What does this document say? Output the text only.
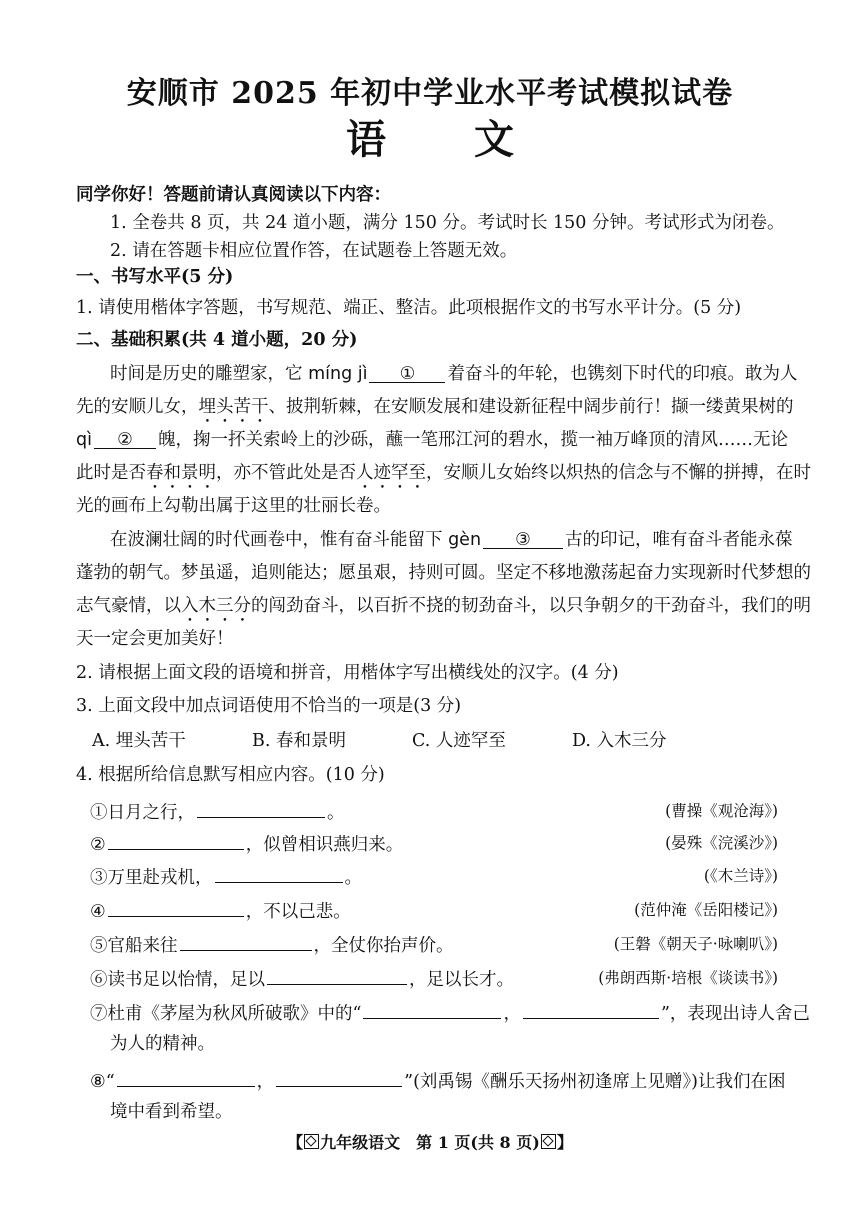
安顺市 2025 年初中学业水平考试模拟试卷
语 文
同学你好！答题前请认真阅读以下内容：
1. 全卷共 8 页，共 24 道小题，满分 150 分。考试时长 150 分钟。考试形式为闭卷。
2. 请在答题卡相应位置作答，在试题卷上答题无效。
一、书写水平(5 分)
1. 请使用楷体字答题，书写规范、端正、整洁。此项根据作文的书写水平计分。(5 分)
二、基础积累(共 4 道小题，20 分)
时间是历史的雕塑家，它 míng jì ① 着奋斗的年轮，也镌刻下时代的印痕。敢为人
先的安顺儿女，埋头苦干、披荆斩棘，在安顺发展和建设新征程中阔步前行！撷一缕黄果树的
qì ② 魄，掬一抔关索岭上的沙砾，蘸一笔邢江河的碧水，揽一袖万峰顶的清风……无论
此时是否春和景明，亦不管此处是否人迹罕至，安顺儿女始终以炽热的信念与不懈的拼搏，在时
光的画布上勾勒出属于这里的壮丽长卷。
在波澜壮阔的时代画卷中，惟有奋斗能留下 gèn ③ 古的印记，唯有奋斗者能永葆
蓬勃的朝气。梦虽遥，追则能达；愿虽艰，持则可圆。坚定不移地激荡起奋力实现新时代梦想的
志气豪情，以入木三分的闯劲奋斗，以百折不挠的韧劲奋斗，以只争朝夕的干劲奋斗，我们的明
天一定会更加美好！
2. 请根据上面文段的语境和拼音，用楷体字写出横线处的汉字。(4 分)
3. 上面文段中加点词语使用不恰当的一项是(3 分)
A. 埋头苦干	B. 春和景明	C. 人迹罕至	D. 入木三分
4. 根据所给信息默写相应内容。(10 分)
①日月之行，	。	(曹操《观沧海》)
②	，似曾相识燕归来。	(晏殊《浣溪沙》)
③万里赴戎机，	。	(《木兰诗》)
④	，不以己悲。	(范仲淹《岳阳楼记》)
⑤官船来往	，全仗你抬声价。	(王磐《朝天子·咏喇叭》)
⑥读书足以怡情，足以	，足以长才。	(弗朗西斯·培根《谈读书》)
⑦杜甫《茅屋为秋风所破歌》中的“	，	”，表现出诗人舍己
为人的精神。
⑧“	，	”(刘禹锡《酬乐天扬州初逢席上见赠》)让我们在困
境中看到希望。
【 九年级语文　第 1 页(共 8 页) 】
